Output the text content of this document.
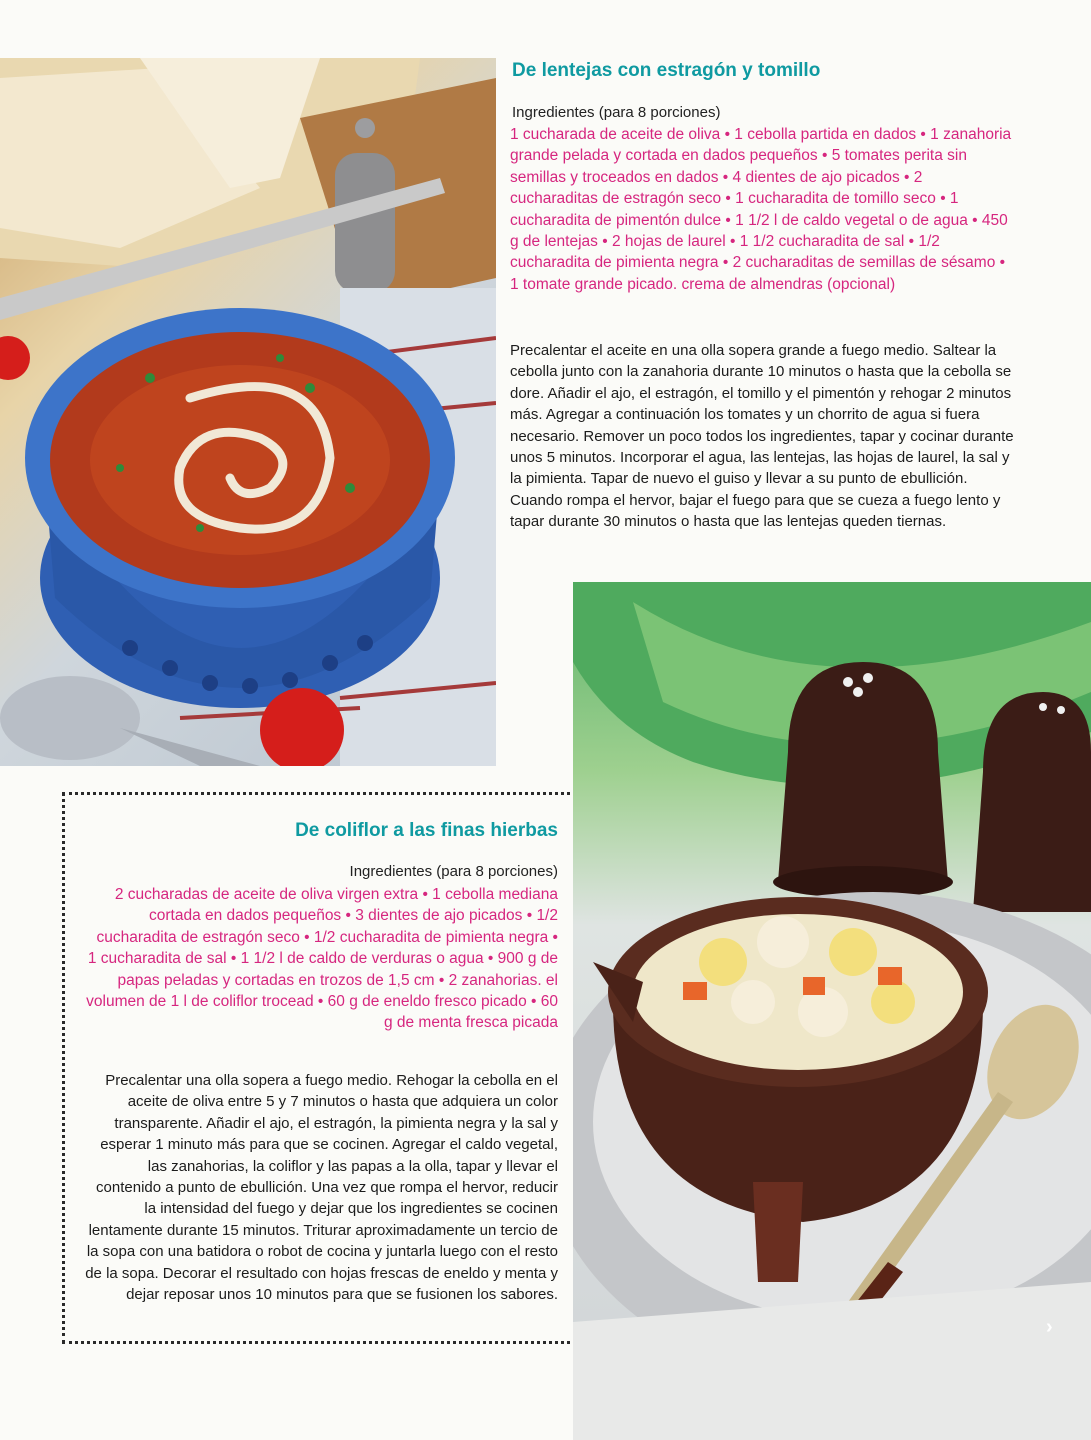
De lentejas con estragón y tomillo

Ingredientes (para 8 porciones)

1 cucharada de aceite de oliva • 1 cebolla partida en dados • 1 zanahoria grande pelada y cortada en dados pequeños • 5 tomates perita sin semillas y troceados en dados • 4 dientes de ajo picados • 2 cucharaditas de estragón seco • 1 cucharadita de tomillo seco • 1 cucharadita de pimentón dulce • 1 1/2 l de caldo vegetal o de agua • 450 g de lentejas • 2 hojas de laurel • 1 1/2 cucharadita de sal • 1/2 cucharadita de pimienta negra • 2 cucharaditas de semillas de sésamo • 1 tomate grande picado. crema de almendras (opcional)

Precalentar el aceite en una olla sopera grande a fuego medio. Saltear la cebolla junto con la zanahoria durante 10 minutos o hasta que la cebolla se dore. Añadir el ajo, el estragón, el tomillo y el pimentón y rehogar 2 minutos más. Agregar a continuación los tomates y un chorrito de agua si fuera necesario. Remover un poco todos los ingredientes, tapar y cocinar durante unos 5 minutos. Incorporar el agua, las lentejas, las hojas de laurel, la sal y la pimienta. Tapar de nuevo el guiso y llevar a su punto de ebullición. Cuando rompa el hervor, bajar el fuego para que se cueza a fuego lento y tapar durante 30 minutos o hasta que las lentejas queden tiernas.

De coliflor a las finas hierbas

Ingredientes (para 8 porciones)

2 cucharadas de aceite de oliva virgen extra • 1 cebolla mediana cortada en dados pequeños • 3 dientes de ajo picados • 1/2 cucharadita de estragón seco • 1/2 cucharadita de pimienta negra • 1 cucharadita de sal • 1 1/2 l de caldo de verduras o agua • 900 g de papas peladas y cortadas en trozos de 1,5 cm • 2 zanahorias. el volumen de 1 l de coliflor trocead • 60 g de eneldo fresco picado • 60 g de menta fresca picada

Precalentar una olla sopera a fuego medio. Rehogar la cebolla en el aceite de oliva entre 5 y 7 minutos o hasta que adquiera un color transparente. Añadir el ajo, el estragón, la pimienta negra y la sal y esperar 1 minuto más para que se cocinen. Agregar el caldo vegetal, las zanahorias, la coliflor y las papas a la olla, tapar y llevar el contenido a punto de ebullición. Una vez que rompa el hervor, reducir la intensidad del fuego y dejar que los ingredientes se cocinen lentamente durante 15 minutos. Triturar aproximadamente un tercio de la sopa con una batidora o robot de cocina y juntarla luego con el resto de la sopa. Decorar el resultado con hojas frescas de eneldo y menta y dejar reposar unos 10 minutos para que se fusionen los sabores.

›
